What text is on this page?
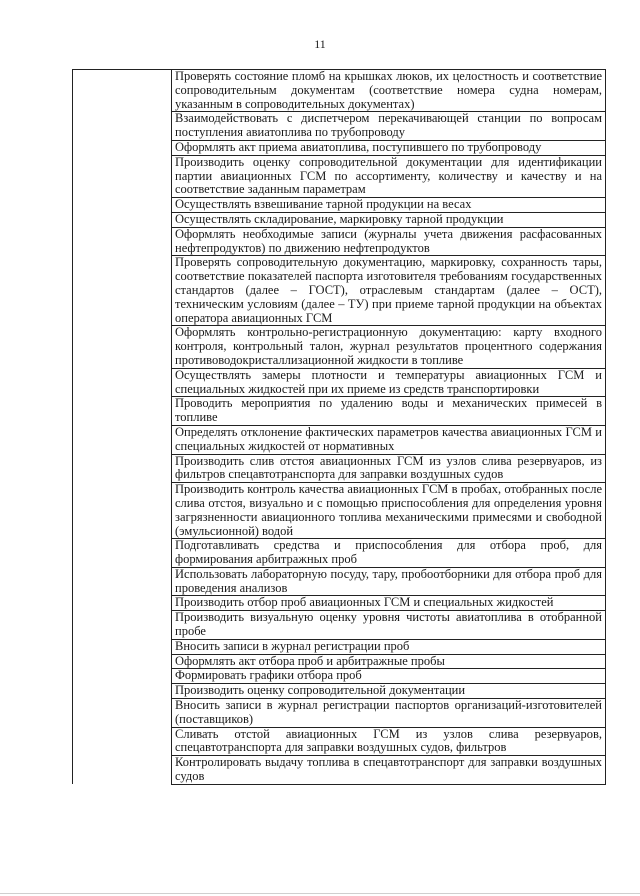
11
	Проверять состояние пломб на крышках люков, их целостность и соответствие сопроводительным документам (соответствие номера судна номерам, указанным в сопроводительных документах)
	Взаимодействовать с диспетчером перекачивающей станции по вопросам поступления авиатоплива по трубопроводу
	Оформлять акт приема авиатоплива, поступившего по трубопроводу
	Производить оценку сопроводительной документации для идентификации партии авиационных ГСМ по ассортименту, количеству и качеству и на соответствие заданным параметрам
	Осуществлять взвешивание тарной продукции на весах
	Осуществлять складирование, маркировку тарной продукции
	Оформлять необходимые записи (журналы учета движения расфасованных нефтепродуктов) по движению нефтепродуктов
	Проверять сопроводительную документацию, маркировку, сохранность тары, соответствие показателей паспорта изготовителя требованиям государственных стандартов (далее – ГОСТ), отраслевым стандартам (далее – ОСТ), техническим условиям (далее – ТУ) при приеме тарной продукции на объектах оператора авиационных ГСМ
	Оформлять контрольно-регистрационную документацию: карту входного контроля, контрольный талон, журнал результатов процентного содержания противоводокристаллизационной жидкости в топливе
	Осуществлять замеры плотности и температуры авиационных ГСМ и специальных жидкостей при их приеме из средств транспортировки
	Проводить мероприятия по удалению воды и механических примесей в топливе
	Определять отклонение фактических параметров качества авиационных ГСМ и специальных жидкостей от нормативных
	Производить слив отстоя авиационных ГСМ из узлов слива резервуаров, из фильтров спецавтотранспорта для заправки воздушных судов
	Производить контроль качества авиационных ГСМ в пробах, отобранных после слива отстоя, визуально и с помощью приспособления для определения уровня загрязненности авиационного топлива механическими примесями и свободной (эмульсионной) водой
	Подготавливать средства и приспособления для отбора проб, для формирования арбитражных проб
	Использовать лабораторную посуду, тару, пробоотборники для отбора проб для проведения анализов
	Производить отбор проб авиационных ГСМ и специальных жидкостей
	Производить визуальную оценку уровня чистоты авиатоплива в отобранной пробе
	Вносить записи в журнал регистрации проб
	Оформлять акт отбора проб и арбитражные пробы
	Формировать графики отбора проб
	Производить оценку сопроводительной документации
	Вносить записи в журнал регистрации паспортов организаций-изготовителей (поставщиков)
	Сливать отстой авиационных ГСМ из узлов слива резервуаров, спецавтотранспорта для заправки воздушных судов, фильтров
	Контролировать выдачу топлива в спецавтотранспорт для заправки воздушных судов
